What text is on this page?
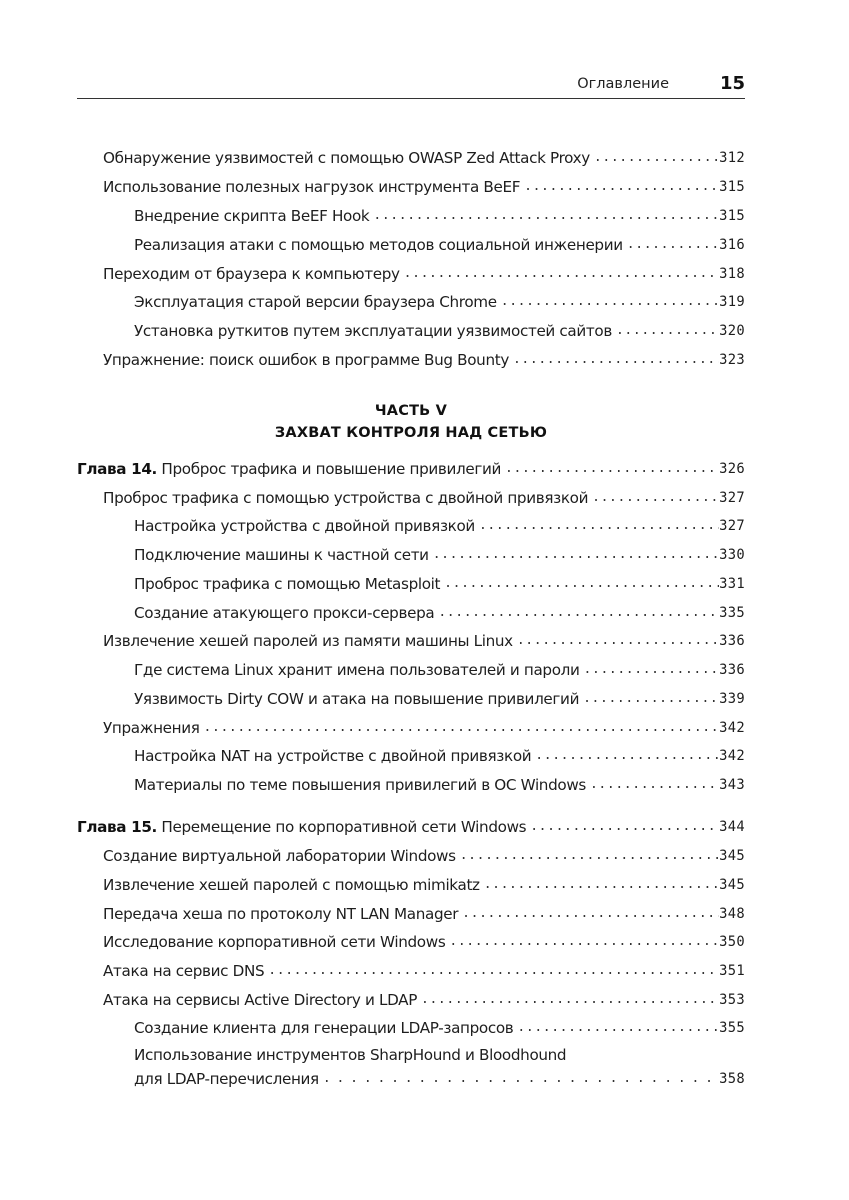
Оглавление	15
Обнаружение уязвимостей с помощью OWASP Zed Attack Proxy . . .	312
Использование полезных нагрузок инструмента BeEF . . .	315
Внедрение скрипта BeEF Hook . . .	315
Реализация атаки с помощью методов социальной инженерии . . .	316
Переходим от браузера к компьютеру . . .	318
Эксплуатация старой версии браузера Chrome . . .	319
Установка руткитов путем эксплуатации уязвимостей сайтов . . .	320
Упражнение: поиск ошибок в программе Bug Bounty . . .	323
ЧАСТЬ V
ЗАХВАТ КОНТРОЛЯ НАД СЕТЬЮ
Глава 14. Проброс трафика и повышение привилегий . . .	326
Проброс трафика с помощью устройства с двойной привязкой . . .	327
Настройка устройства с двойной привязкой . . .	327
Подключение машины к частной сети . . .	330
Проброс трафика с помощью Metasploit . . .	331
Создание атакующего прокси-сервера . . .	335
Извлечение хешей паролей из памяти машины Linux . . .	336
Где система Linux хранит имена пользователей и пароли . . .	336
Уязвимость Dirty COW и атака на повышение привилегий . . .	339
Упражнения . . .	342
Настройка NAT на устройстве с двойной привязкой . . .	342
Материалы по теме повышения привилегий в ОС Windows . . .	343
Глава 15. Перемещение по корпоративной сети Windows . . .	344
Создание виртуальной лаборатории Windows . . .	345
Извлечение хешей паролей с помощью mimikatz . . .	345
Передача хеша по протоколу NT LAN Manager . . .	348
Исследование корпоративной сети Windows . . .	350
Атака на сервис DNS . . .	351
Атака на сервисы Active Directory и LDAP . . .	353
Создание клиента для генерации LDAP-запросов . . .	355
Использование инструментов SharpHound и Bloodhound
для LDAP-перечисления . . .	358
